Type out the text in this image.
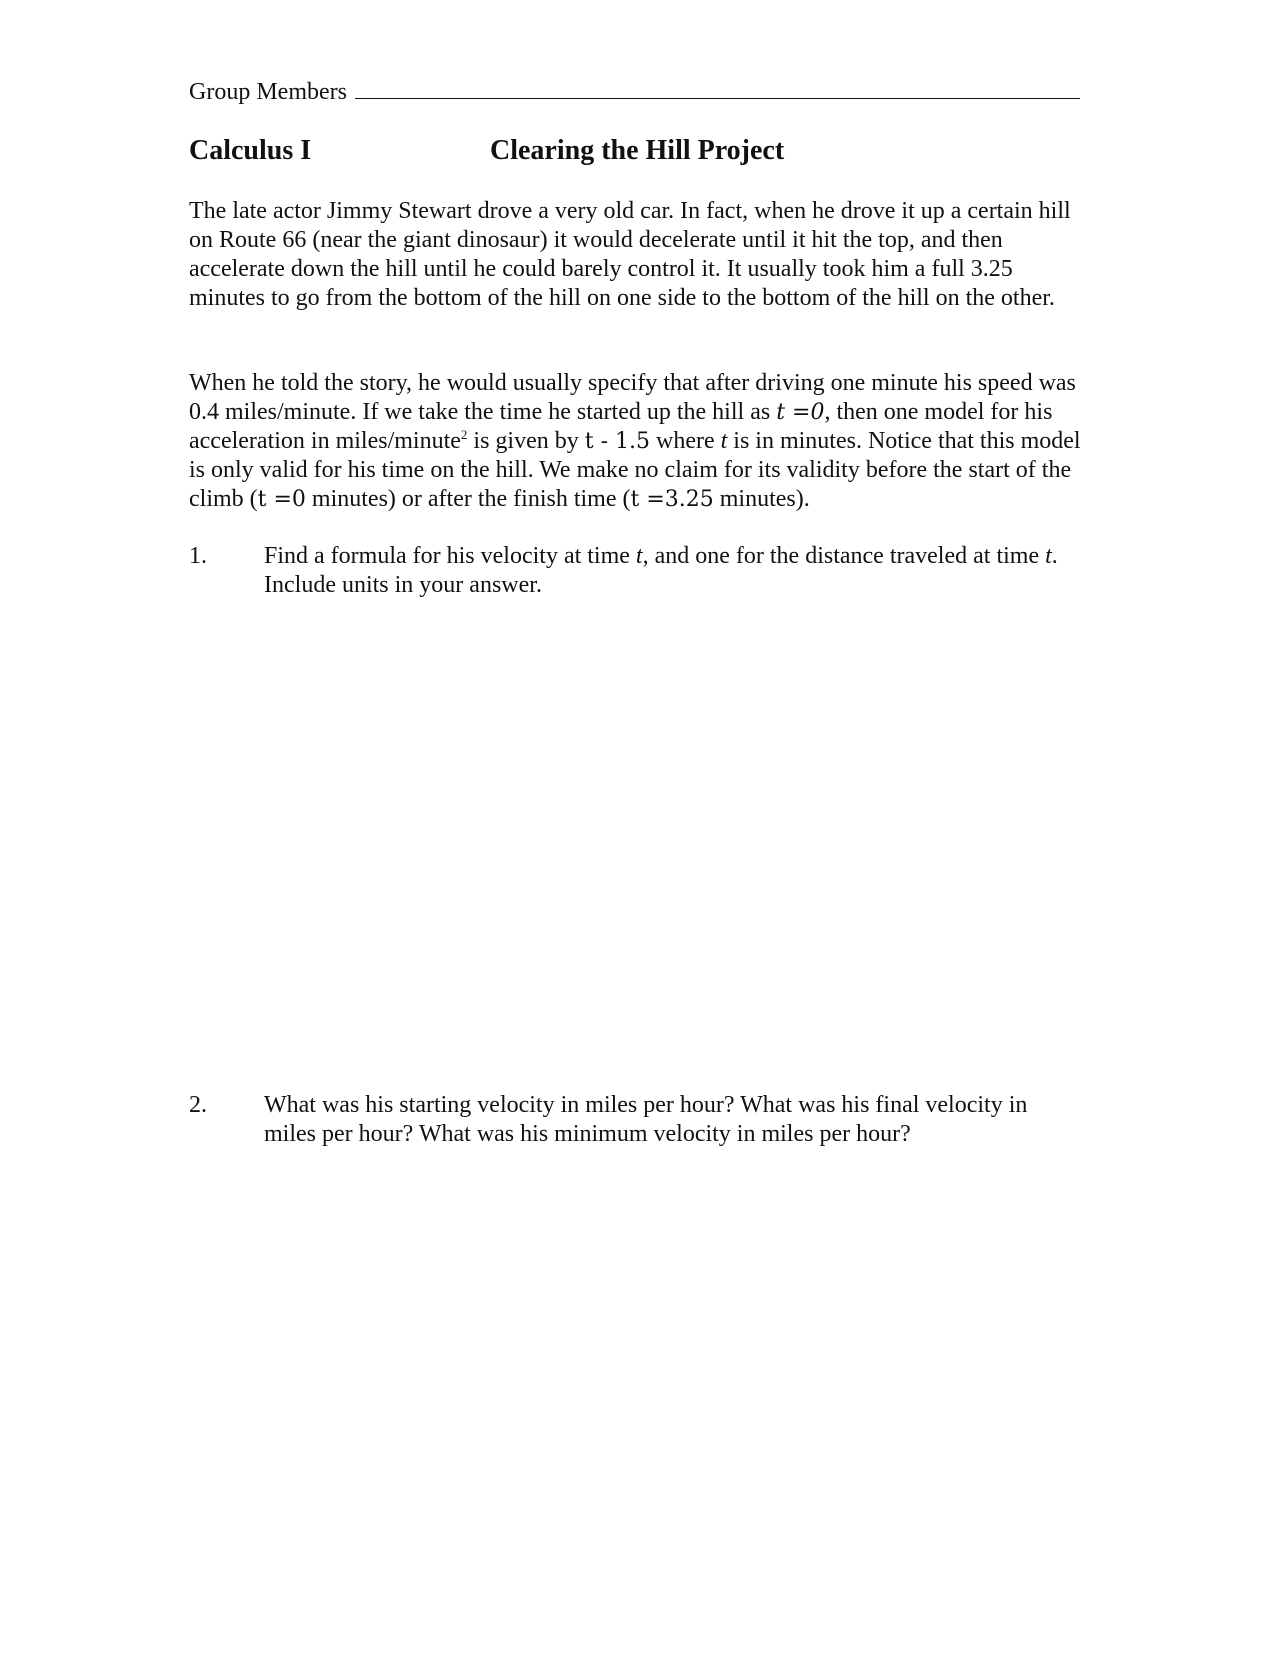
Group Members
Calculus I	Clearing the Hill Project
The late actor Jimmy Stewart drove a very old car. In fact, when he drove it up a certain hill on Route 66 (near the giant dinosaur) it would decelerate until it hit the top, and then accelerate down the hill until he could barely control it. It usually took him a full 3.25 minutes to go from the bottom of the hill on one side to the bottom of the hill on the other.
When he told the story, he would usually specify that after driving one minute his speed was 0.4 miles/minute. If we take the time he started up the hill as t =0, then one model for his acceleration in miles/minute$^2$ is given by t - 1.5 where t is in minutes. Notice that this model is only valid for his time on the hill. We make no claim for its validity before the start of the climb (t =0 minutes) or after the finish time (t =3.25 minutes).
1. Find a formula for his velocity at time t, and one for the distance traveled at time t. Include units in your answer.
2. What was his starting velocity in miles per hour? What was his final velocity in miles per hour? What was his minimum velocity in miles per hour?
